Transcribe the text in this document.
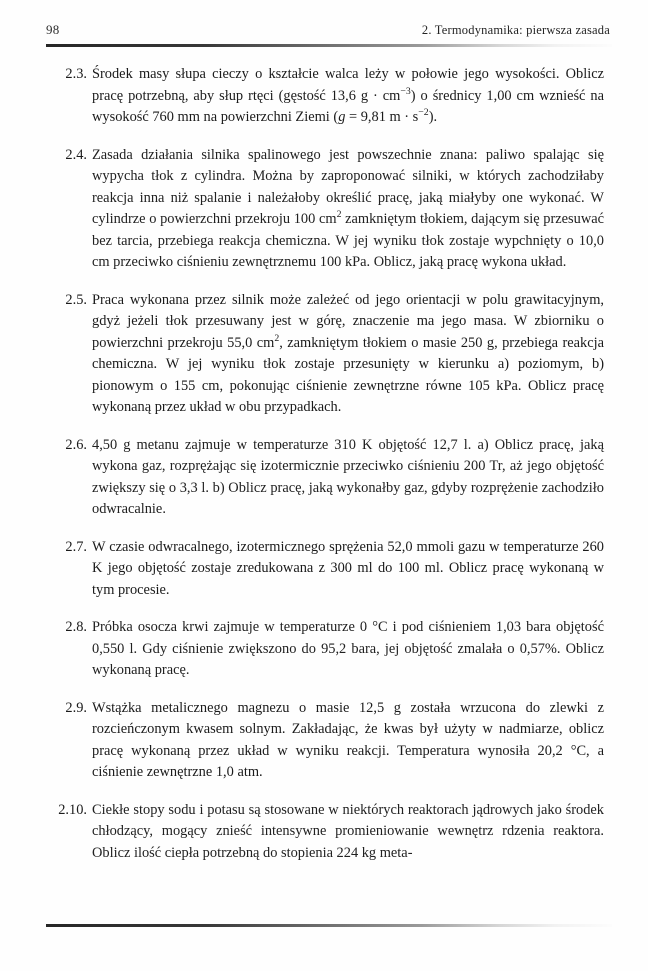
98	2. Termodynamika: pierwsza zasada
2.3. Środek masy słupa cieczy o kształcie walca leży w połowie jego wysokości. Oblicz pracę potrzebną, aby słup rtęci (gęstość 13,6 $g \cdot cm^{-3}$) o średnicy 1,00 cm wznieść na wysokość 760 mm na powierzchni Ziemi (g = 9,81 $m \cdot s^{-2}$).
2.4. Zasada działania silnika spalinowego jest powszechnie znana: paliwo spalając się wypycha tłok z cylindra. Można by zaproponować silniki, w których zachodziłaby reakcja inna niż spalanie i należałoby określić pracę, jaką miałyby one wykonać. W cylindrze o powierzchni przekroju 100 $cm^2$ zamkniętym tłokiem, dającym się przesuwać bez tarcia, przebiega reakcja chemiczna. W jej wyniku tłok zostaje wypchnięty o 10,0 cm przeciwko ciśnieniu zewnętrznemu 100 kPa. Oblicz, jaką pracę wykona układ.
2.5. Praca wykonana przez silnik może zależeć od jego orientacji w polu grawitacyjnym, gdyż jeżeli tłok przesuwany jest w górę, znaczenie ma jego masa. W zbiorniku o powierzchni przekroju 55,0 $cm^2$, zamkniętym tłokiem o masie 250 g, przebiega reakcja chemiczna. W jej wyniku tłok zostaje przesunięty w kierunku a) poziomym, b) pionowym o 155 cm, pokonując ciśnienie zewnętrzne równe 105 kPa. Oblicz pracę wykonaną przez układ w obu przypadkach.
2.6. 4,50 g metanu zajmuje w temperaturze 310 K objętość 12,7 l. a) Oblicz pracę, jaką wykona gaz, rozprężając się izotermicznie przeciwko ciśnieniu 200 Tr, aż jego objętość zwiększy się o 3,3 l. b) Oblicz pracę, jaką wykonałby gaz, gdyby rozprężenie zachodziło odwracalnie.
2.7. W czasie odwracalnego, izotermicznego sprężenia 52,0 mmoli gazu w temperaturze 260 K jego objętość zostaje zredukowana z 300 ml do 100 ml. Oblicz pracę wykonaną w tym procesie.
2.8. Próbka osocza krwi zajmuje w temperaturze 0 °C i pod ciśnieniem 1,03 bara objętość 0,550 l. Gdy ciśnienie zwiększono do 95,2 bara, jej objętość zmalała o 0,57%. Oblicz wykonaną pracę.
2.9. Wstążka metalicznego magnezu o masie 12,5 g została wrzucona do zlewki z rozcieńczonym kwasem solnym. Zakładając, że kwas był użyty w nadmiarze, oblicz pracę wykonaną przez układ w wyniku reakcji. Temperatura wynosiła 20,2 °C, a ciśnienie zewnętrzne 1,0 atm.
2.10. Ciekłe stopy sodu i potasu są stosowane w niektórych reaktorach jądrowych jako środek chłodzący, mogący znieść intensywne promieniowanie wewnętrz rdzenia reaktora. Oblicz ilość ciepła potrzebną do stopienia 224 kg meta-
